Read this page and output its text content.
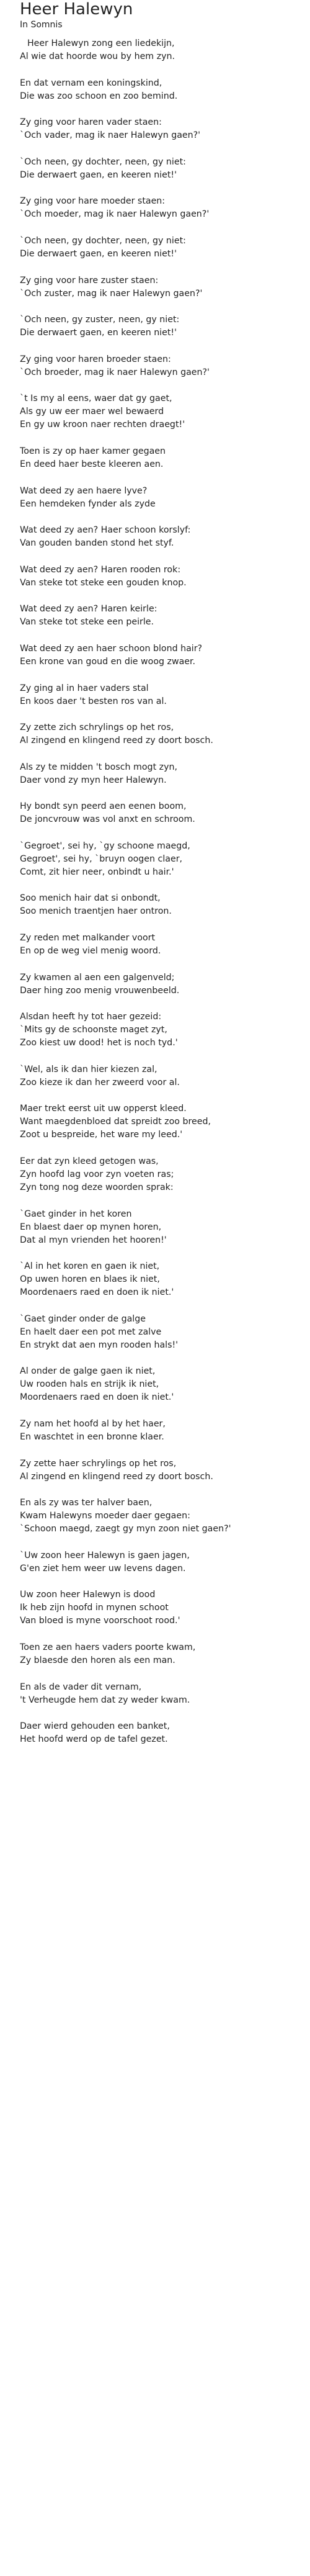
Heer Halewyn
In Somnis
Heer Halewyn zong een liedekijn,
Al wie dat hoorde wou by hem zyn.
En dat vernam een koningskind,
Die was zoo schoon en zoo bemind.
Zy ging voor haren vader staen:
`Och vader, mag ik naer Halewyn gaen?'
`Och neen, gy dochter, neen, gy niet:
Die derwaert gaen, en keeren niet!'
Zy ging voor hare moeder staen:
`Och moeder, mag ik naer Halewyn gaen?'
`Och neen, gy dochter, neen, gy niet:
Die derwaert gaen, en keeren niet!'
Zy ging voor hare zuster staen:
`Och zuster, mag ik naer Halewyn gaen?'
`Och neen, gy zuster, neen, gy niet:
Die derwaert gaen, en keeren niet!'
Zy ging voor haren broeder staen:
`Och broeder, mag ik naer Halewyn gaen?'
`t Is my al eens, waer dat gy gaet,
Als gy uw eer maer wel bewaerd
En gy uw kroon naer rechten draegt!'
Toen is zy op haer kamer gegaen
En deed haer beste kleeren aen.
Wat deed zy aen haere lyve?
Een hemdeken fynder als zyde
Wat deed zy aen? Haer schoon korslyf:
Van gouden banden stond het styf.
Wat deed zy aen? Haren rooden rok:
Van steke tot steke een gouden knop.
Wat deed zy aen? Haren keirle:
Van steke tot steke een peirle.
Wat deed zy aen haer schoon blond hair?
Een kronе van goud en die woog zwaer.
Zy ging al in haer vaders stal
En koos daer 't besten ros van al.
Zy zette zich schrylings op het ros,
Al zingend en klingend reed zy doort bosch.
Als zy te midden 't bosch mogt zyn,
Daer vond zy myn heer Halewyn.
Hy bondt syn peerd aen eenen boom,
De joncvrouw was vol anxt en schroom.
`Gegroet', sei hy, `gy schoone maegd,
Gegroet', sei hy, `bruyn oogen claer,
Comt, zit hier neer, onbindt u hair.'
Soo menich hair dat si onbondt,
Soo menich traentjen haer ontron.
Zy reden met malkander voort
En op de weg viel menig woord.
Zy kwamen al aen een galgenveld;
Daer hing zoo menig vrouwenbeeld.
Alsdan heeft hy tot haer gezeid:
`Mits gy de schoonste maget zyt,
Zoo kiest uw dood! het is noch tyd.'
`Wel, als ik dan hier kiezen zal,
Zoo kieze ik dan her zweerd voor al.
Maer trekt eerst uit uw opperst kleed.
Want maegdenbloed dat spreidt zoo breed,
Zoot u bespreide, het ware my leed.'
Eer dat zyn kleed getogen was,
Zyn hoofd lag voor zyn voeten ras;
Zyn tong nog deze woorden sprak:
`Gaet ginder in het koren
En blaest daer op mynen horen,
Dat al myn vrienden het hooren!'
`Al in het koren en gaen ik niet,
Op uwen horen en blaes ik niet,
Moordenaers raed en doen ik niet.'
`Gaet ginder onder de galge
En haelt daer een pot met zalve
En strykt dat aen myn rooden hals!'
Al onder de galge gaen ik niet,
Uw rooden hals en strijk ik niet,
Moordenaers raed en doen ik niet.'
Zy nam het hoofd al by het haer,
En waschtet in een bronne klaer.
Zy zette haer schrylings op het ros,
Al zingend en klingend reed zy doort bosch.
En als zy was ter halver baen,
Kwam Halewyns moeder daer gegaen:
`Schoon maegd, zaegt gy myn zoon niet gaen?'
`Uw zoon heer Halewyn is gaen jagen,
G'en ziet hem weer uw levens dagen.
Uw zoon heer Halewyn is dood
Ik heb zijn hoofd in mynen schoot
Van bloed is myne voorschoot rood.'
Toen ze aen haers vaders poorte kwam,
Zy blaesde den horen als een man.
En als de vader dit vernam,
't Verheugde hem dat zy weder kwam.
Daer wierd gehouden een banket,
Het hoofd werd op de tafel gezet.
